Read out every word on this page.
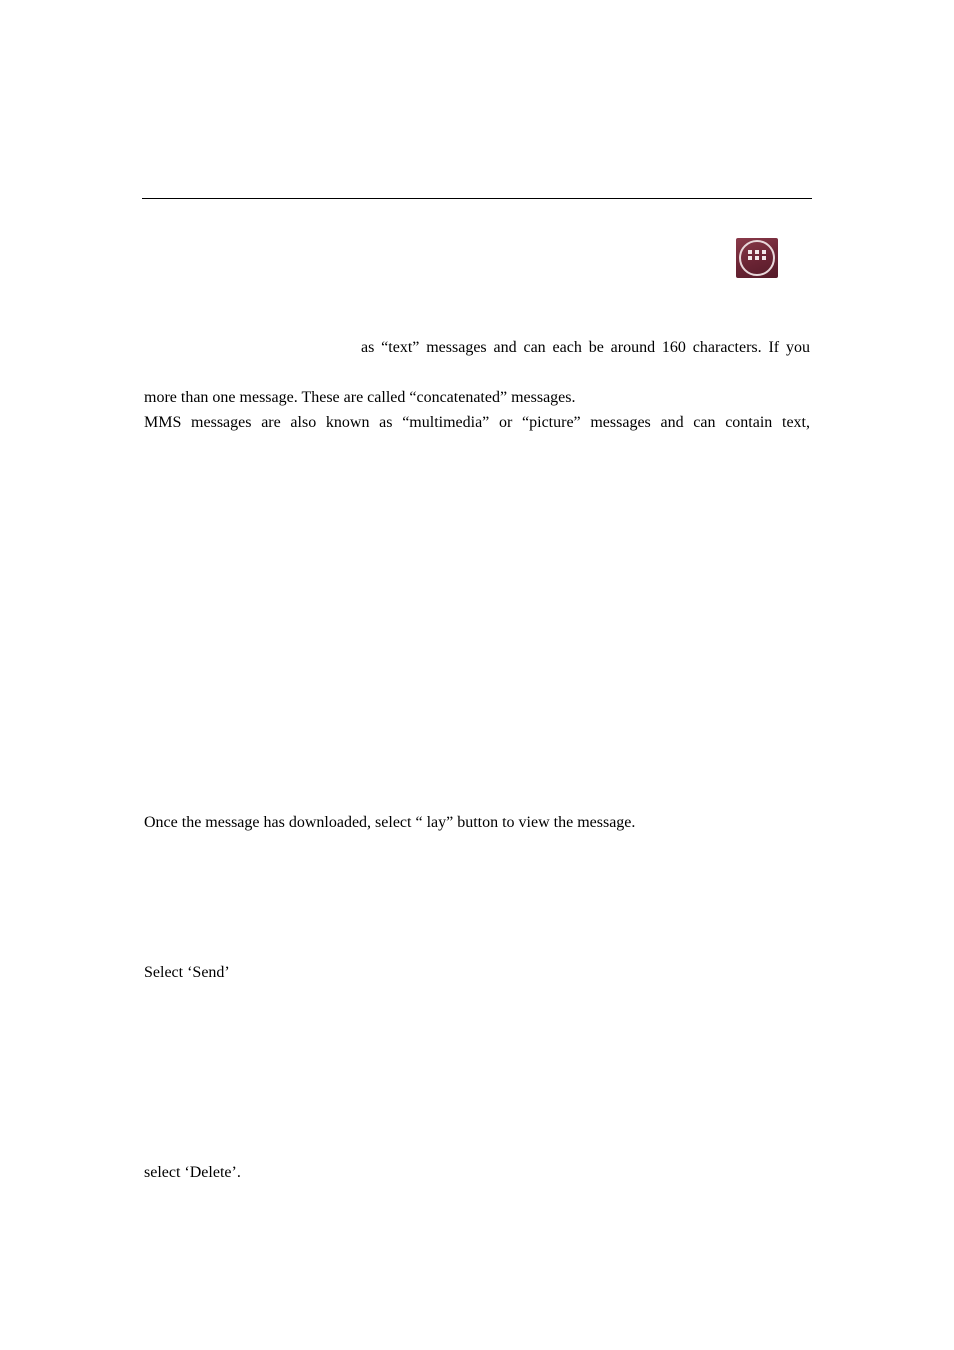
as “text” messages and can each be around 160 characters. If you
more than one message. These are called “concatenated” messages.
MMS messages are also known as “multimedia” or “picture” messages and can contain text,
Once the message has downloaded, select “ lay” button to view the message.
Select ‘Send’
select ‘Delete’.
